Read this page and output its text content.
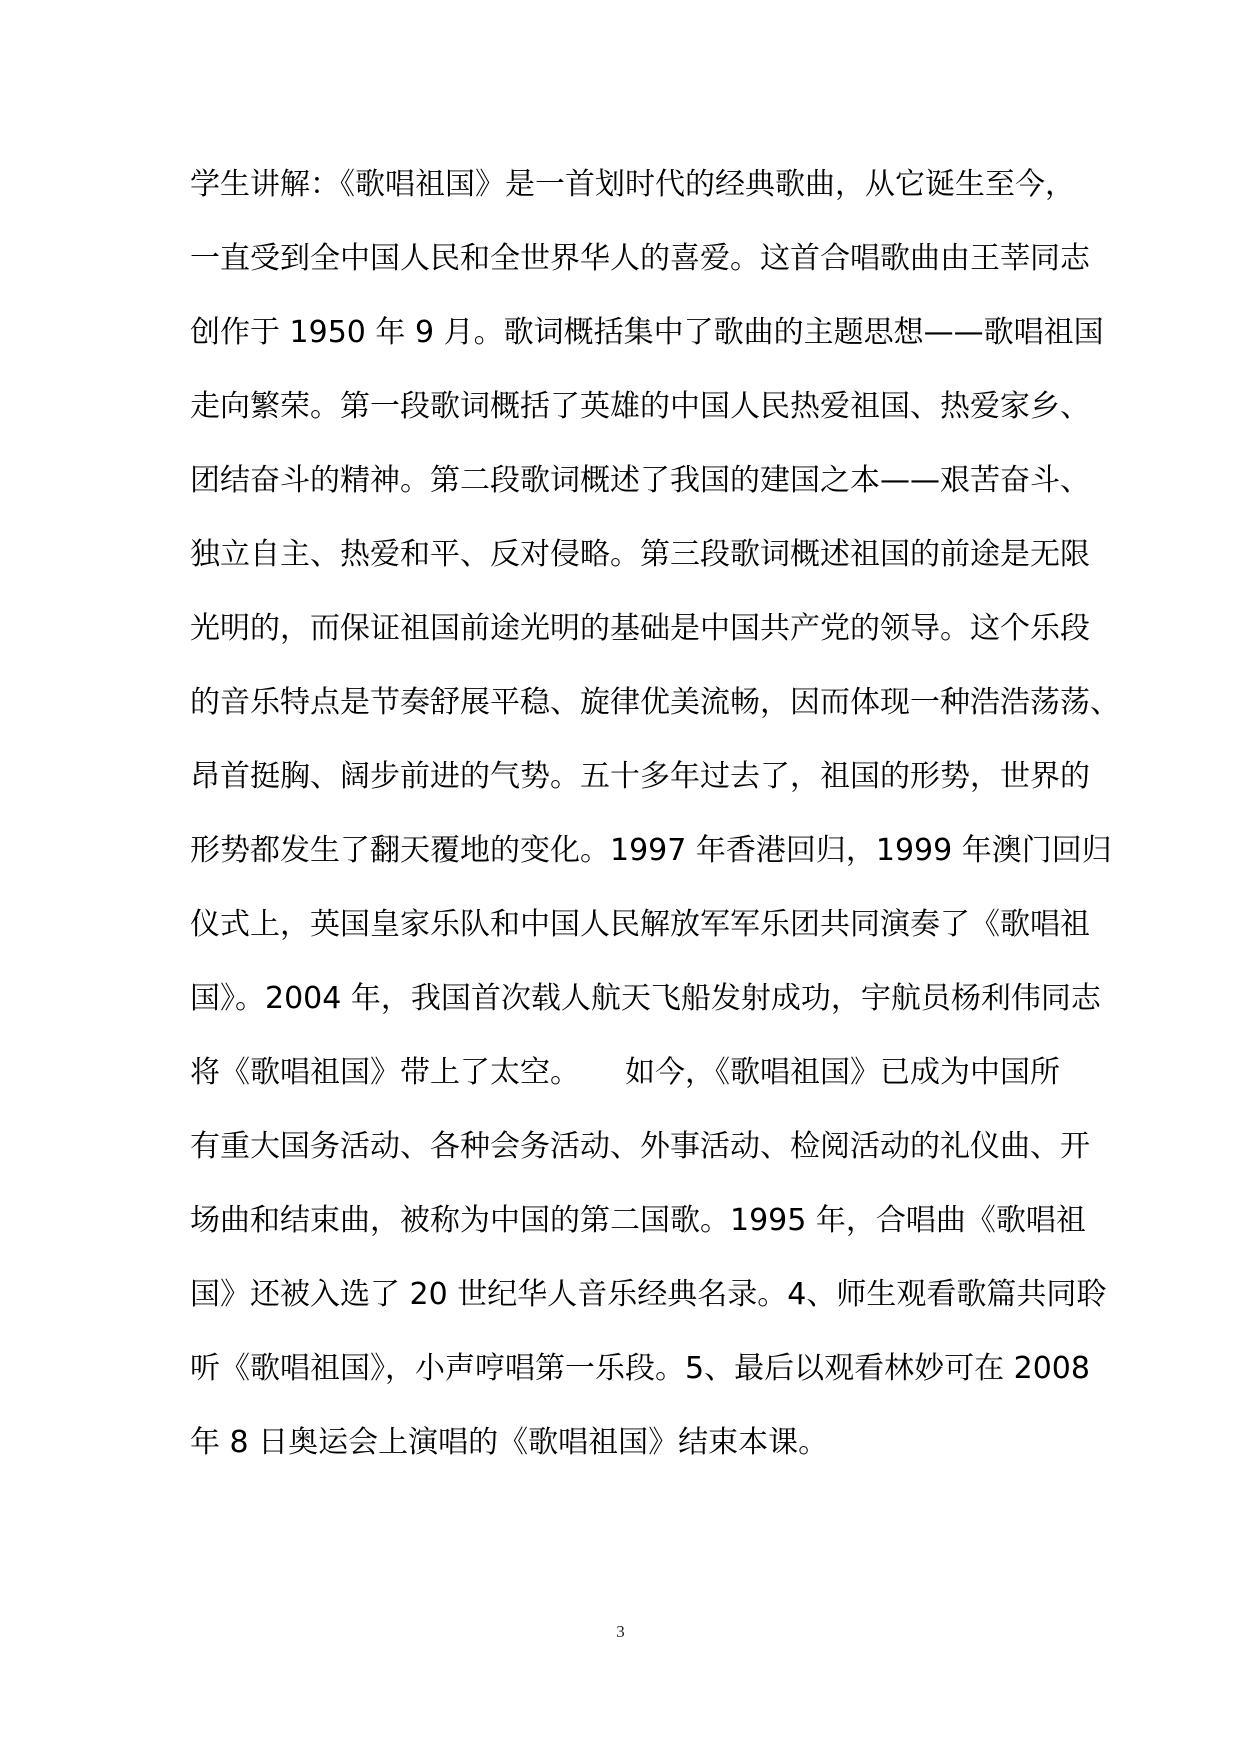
学生讲解：《歌唱祖国》是一首划时代的经典歌曲，从它诞生至今，
一直受到全中国人民和全世界华人的喜爱。这首合唱歌曲由王莘同志
创作于 1950 年 9 月。歌词概括集中了歌曲的主题思想——歌唱祖国
走向繁荣。第一段歌词概括了英雄的中国人民热爱祖国、热爱家乡、
团结奋斗的精神。第二段歌词概述了我国的建国之本——艰苦奋斗、
独立自主、热爱和平、反对侵略。第三段歌词概述祖国的前途是无限
光明的，而保证祖国前途光明的基础是中国共产党的领导。这个乐段
的音乐特点是节奏舒展平稳、旋律优美流畅，因而体现一种浩浩荡荡、
昂首挺胸、阔步前进的气势。五十多年过去了，祖国的形势，世界的
形势都发生了翻天覆地的变化。1997 年香港回归，1999 年澳门回归
仪式上，英国皇家乐队和中国人民解放军军乐团共同演奏了《歌唱祖
国》。2004 年，我国首次载人航天飞船发射成功，宇航员杨利伟同志
将《歌唱祖国》带上了太空。　　如今，《歌唱祖国》已成为中国所
有重大国务活动、各种会务活动、外事活动、检阅活动的礼仪曲、开
场曲和结束曲，被称为中国的第二国歌。1995 年，合唱曲《歌唱祖
国》还被入选了 20 世纪华人音乐经典名录。4、师生观看歌篇共同聆
听《歌唱祖国》，小声哼唱第一乐段。5、最后以观看林妙可在 2008
年 8 日奥运会上演唱的《歌唱祖国》结束本课。
3
